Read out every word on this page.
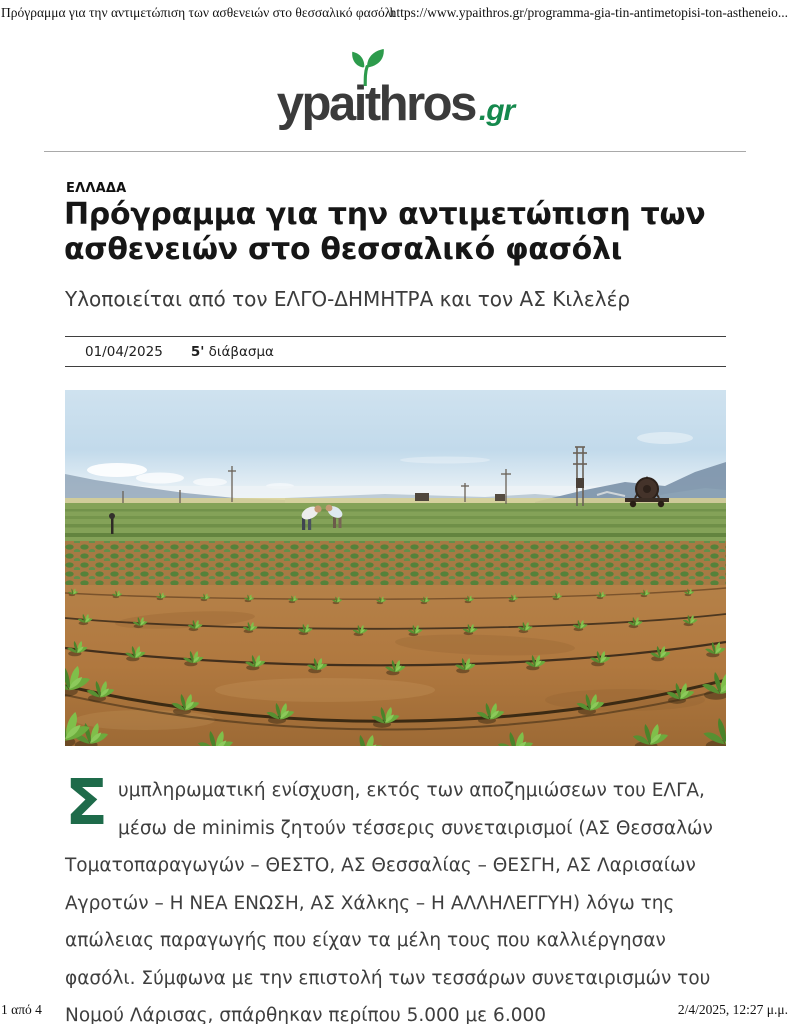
Πρόγραμμα για την αντιμετώπιση των ασθενειών στο θεσσαλικό φασόλι
https://www.ypaithros.gr/programma-gia-tin-antimetopisi-ton-astheneio...
ypa ithros .gr
ΕΛΛΑΔΑ
Πρόγραμμα για την αντιμετώπιση των ασθενειών στο θεσσαλικό φασόλι
Υλοποιείται από τον ΕΛΓΟ-ΔΗΜΗΤΡΑ και τον ΑΣ Κιλελέρ
01/04/2025 5' διάβασμα
Συμπληρωματική ενίσχυση, εκτός των αποζημιώσεων του ΕΛΓΑ, μέσω de minimis ζητούν τέσσερις συνεταιρισμοί (ΑΣ Θεσσαλών Τοματοπαραγωγών – ΘΕΣΤΟ, ΑΣ Θεσσαλίας – ΘΕΣΓΗ, ΑΣ Λαρισαίων Αγροτών – Η ΝΕΑ ΕΝΩΣΗ, ΑΣ Χάλκης – Η ΑΛΛΗΛΕΓΓΥΗ) λόγω της απώλειας παραγωγής που είχαν τα μέλη τους που καλλιέργησαν φασόλι. Σύμφωνα με την επιστολή των τεσσάρων συνεταιρισμών του Νομού Λάρισας, σπάρθηκαν περίπου 5.000 με 6.000
1 από 4	2/4/2025, 12:27 μ.μ.
